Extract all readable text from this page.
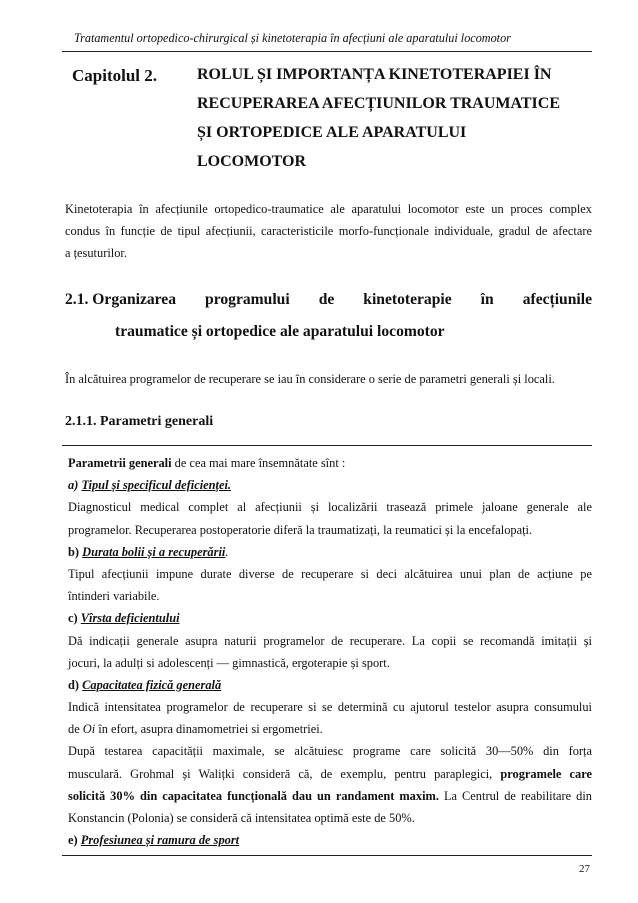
Tratamentul ortopedico-chirurgical și kinetoterapia în afecțiuni ale aparatului locomotor
Capitolul 2. ROLUL ȘI IMPORTANȚA KINETOTERAPIEI ÎN
RECUPERAREA AFECȚIUNILOR TRAUMATICE
ȘI ORTOPEDICE ALE APARATULUI
LOCOMOTOR
Kinetoterapia în afecțiunile ortopedico-traumatice ale aparatului locomotor este un proces complex
condus în funcție de tipul afecțiunii, caracteristicile morfo-funcționale individuale, gradul de afectare
a țesuturilor.
2.1. Organizarea programului de kinetoterapie în afecțiunile
traumatice și ortopedice ale aparatului locomotor
În alcătuirea programelor de recuperare se iau în considerare o serie de parametri generali și locali.
2.1.1. Parametri generali
Parametrii generali de cea mai mare însemnătate sînt :
a) Tipul și specificul deficienței.
Diagnosticul medical complet al afecțiunii și localizării trasează primele jaloane generale ale
programelor. Recuperarea postoperatorie diferă la traumatizați, la reumatici și la encefalopați.
b) Durata bolii și a recuperării.
Tipul afecțiunii impune durate diverse de recuperare si deci alcătuirea unui plan de acțiune pe
întinderi variabile.
c) Vîrsta deficientului
Dă indicații generale asupra naturii programelor de recuperare. La copii se recomandă imitații și
jocuri, la adulți si adolescenți — gimnastică, ergoterapie și sport.
d) Capacitatea fizică generală
Indică intensitatea programelor de recuperare si se determină cu ajutorul testelor asupra consumului
de Oi în efort, asupra dinamometriei si ergometriei.
După testarea capacității maximale, se alcătuiesc programe care solicită 30—50% din forța
musculară. Grohmal și Walițki consideră că, de exemplu, pentru paraplegici, programele care
solicită 30% din capacitatea funcțională dau un randament maxim. La Centrul de reabilitare din
Konstancin (Polonia) se consideră că intensitatea optimă este de 50%.
e) Profesiunea și ramura de sport
27
